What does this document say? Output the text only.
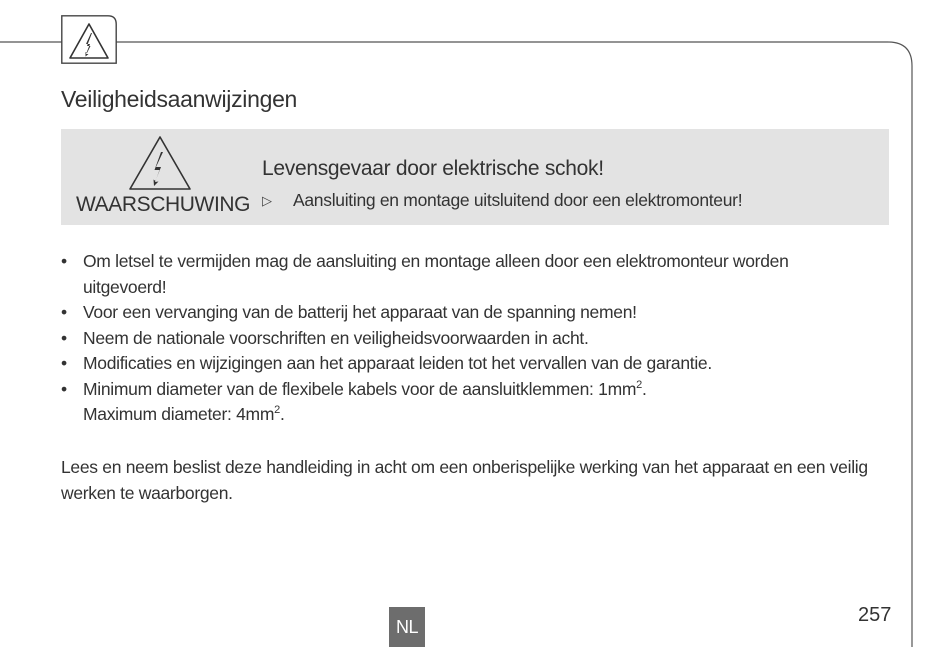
Veiligheidsaanwijzingen
WAARSCHUWING
Levensgevaar door elektrische schok!
▷	Aansluiting en montage uitsluitend door een elektromonteur!
• Om letsel te vermijden mag de aansluiting en montage alleen door een elektromonteur worden uitgevoerd!
• Voor een vervanging van de batterij het apparaat van de spanning nemen!
• Neem de nationale voorschriften en veiligheidsvoorwaarden in acht.
• Modificaties en wijzigingen aan het apparaat leiden tot het vervallen van de garantie.
• Minimum diameter van de flexibele kabels voor de aansluitklemmen: $1mm^2$.
Maximum diameter: $4mm^2$.
Lees en neem beslist deze handleiding in acht om een onberispelijke werking van het apparaat en een veilig werken te waarborgen.
NL
257
